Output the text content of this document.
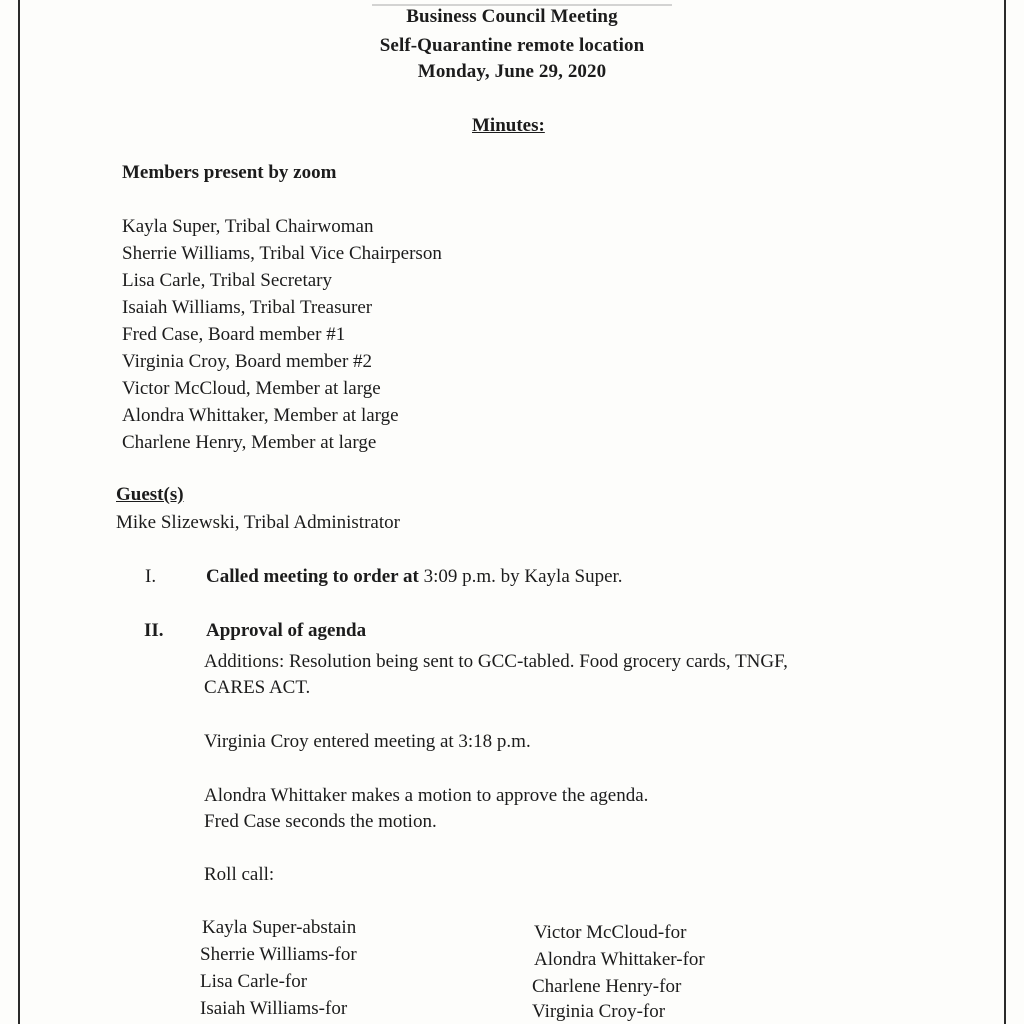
Business Council Meeting
Self-Quarantine remote location
Monday, June 29, 2020
Minutes:
Members present by zoom
Kayla Super, Tribal Chairwoman
Sherrie Williams, Tribal Vice Chairperson
Lisa Carle, Tribal Secretary
Isaiah Williams, Tribal Treasurer
Fred Case, Board member #1
Virginia Croy, Board member #2
Victor McCloud, Member at large
Alondra Whittaker, Member at large
Charlene Henry, Member at large
Guest(s)
Mike Slizewski, Tribal Administrator
I.	Called meeting to order at 3:09 p.m. by Kayla Super.
II. Approval of agenda
Additions: Resolution being sent to GCC-tabled. Food grocery cards, TNGF,
CARES ACT.
Virginia Croy entered meeting at 3:18 p.m.
Alondra Whittaker makes a motion to approve the agenda.
Fred Case seconds the motion.
Roll call:
Kayla Super-abstain
Sherrie Williams-for
Lisa Carle-for
Isaiah Williams-for
Victor McCloud-for
Alondra Whittaker-for
Charlene Henry-for
Virginia Croy-for
